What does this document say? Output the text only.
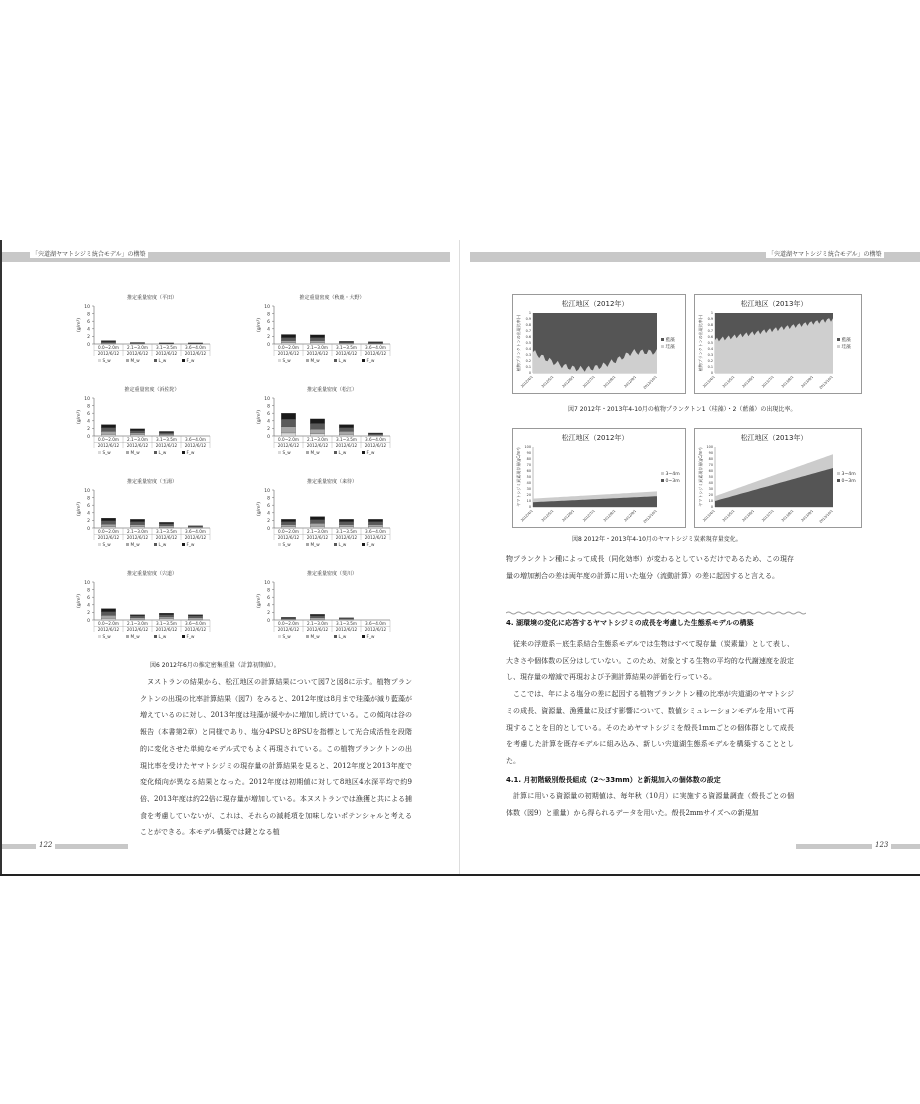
「宍道湖ヤマトシジミ統合モデル」の構築	「宍道湖ヤマトシジミ統合モデル」の構築
推定重量密度（平田）
0
2
4
6
8
10
(g/m²)
0.0~2.0m
2012/6/12
2.1~3.0m
2012/6/12
3.1~3.5m
2012/6/12
3.6~4.0m
2012/6/12
S_w	M_w	L_w	F_w
推定重量密度（秋鹿・大野）
0
2
4
6
8
10
(g/m²)
0.0~2.0m
2012/6/12
2.1~3.0m
2012/6/12
3.1~3.5m
2012/6/12
3.6~4.0m
2012/6/12
S_w	M_w	L_w	F_w
推定重量密度（浜佐陀）
0
2
4
6
8
10
(g/m²)
0.0~2.0m
2012/6/12
2.1~3.0m
2012/6/12
3.1~3.5m
2012/6/12
3.6~4.0m
2012/6/12
S_w	M_w	L_w	F_w
推定重量密度（松江）
0
2
4
6
8
10
(g/m²)
0.0~2.0m
2012/6/12
2.1~3.0m
2012/6/12
3.1~3.5m
2012/6/12
3.6~4.0m
2012/6/12
S_w	M_w	L_w	F_w
推定重量密度（玉湯）
0
2
4
6
8
10
(g/m²)
0.0~2.0m
2012/6/12
2.1~3.0m
2012/6/12
3.1~3.5m
2012/6/12
3.6~4.0m
2012/6/12
S_w	M_w	L_w	F_w
推定重量密度（来待）
0
2
4
6
8
10
(g/m²)
0.0~2.0m
2012/6/12
2.1~3.0m
2012/6/12
3.1~3.5m
2012/6/12
3.6~4.0m
2012/6/12
S_w	M_w	L_w	F_w
推定重量密度（宍道）
0
2
4
6
8
10
(g/m²)
0.0~2.0m
2012/6/12
2.1~3.0m
2012/6/12
3.1~3.5m
2012/6/12
3.6~4.0m
2012/6/12
S_w	M_w	L_w	F_w
推定重量密度（斐川）
0
2
4
6
8
10
(g/m²)
0.0~2.0m
2012/6/12
2.1~3.0m
2012/6/12
3.1~3.5m
2012/6/12
3.6~4.0m
2012/6/12
S_w	M_w	L_w	F_w
図6 2012年6月の推定密集重量（計算初期値）。

ヌストランの結果から、松江地区の計算結果について図7と図8に示す。植物プランクトンの出現の比率計算結果（図7）をみると、2012年度は8月まで珪藻が減り藍藻が増えているのに対し、2013年度は珪藻が緩やかに増加し続けている。この傾向は谷の報告（本書第2章）と同様であり、塩分4PSUと8PSUを指標として光合成活性を段階的に変化させた単純なモデル式でもよく再現されている。この植物プランクトンの出現比率を受けたヤマトシジミの現存量の計算結果を見ると、2012年度と2013年度で変化傾向が異なる結果となった。2012年度は初期値に対して8地区4水深平均で約9倍、2013年度は約22倍に現存量が増加している。本ヌストランでは漁獲と共による捕食を考慮していないが、これは、それらの減耗項を加味しないポテンシャルと考えることができる。本モデル構築では鍵となる植

松江地区（2012年）
植物プランクトンの出現比率(-)
0
0.1
0.2
0.3
0.4
0.5
0.6
0.7
0.8
0.9
1
2012/4/1 2012/5/1 2012/6/1 2012/7/1 2012/8/1 2012/9/1 2012/10/1
藍藻
珪藻
松江地区（2013年）
植物プランクトンの出現比率(-)
0
0.1
0.2
0.3
0.4
0.5
0.6
0.7
0.8
0.9
1
2013/4/1 2013/5/1 2013/6/1 2013/7/1 2013/8/1 2013/9/1 2013/10/1
藍藻
珪藻
図7 2012年・2013年4-10月の植物プランクトン1（珪藻）・2（藍藻）の出現比率。
松江地区（2012年）
ヤマトシジミ炭素現存量(gC/m²)
0
10
20
30
40
50
60
70
80
90
100
2012/4/1 2012/5/1 2012/6/1 2012/7/1 2012/8/1 2012/9/1 2012/10/1
3~4m
0~3m
松江地区（2013年）
ヤマトシジミ炭素現存量(gC/m²)
0
10
20
30
40
50
60
70
80
90
100
2013/4/1 2013/5/1 2013/6/1 2013/7/1 2013/8/1 2013/9/1 2013/10/1
3~4m
0~3m
図8 2012年・2013年4-10月のヤマトシジミ炭素現存量変化。

物プランクトン種によって成長（同化効率）が変わるとしているだけであるため、この現存量の増加割合の差は両年度の計算に用いた塩分（流動計算）の差に起因すると言える。

4. 湖環境の変化に応答するヤマトシジミの成長を考慮した生態系モデルの構築

従来の浮遊系－底生系結合生態系モデルでは生物はすべて現存量（炭素量）として表し、大きさや個体数の区分はしていない。このため、対象とする生物の平均的な代謝速度を設定し、現存量の増減で再現および予測計算結果の評価を行っている。

ここでは、年による塩分の差に起因する植物プランクトン種の比率が宍道湖のヤマトシジミの成長、資源量、漁獲量に及ぼす影響について、数値シミュレーションモデルを用いて再現することを目的としている。そのためヤマトシジミを殻長1mmごとの個体群として成長を考慮した計算を既存モデルに組み込み、新しい宍道湖生態系モデルを構築することとした。

4.1. 月初階級別殻長組成（2～33mm）と新規加入の個体数の設定

計算に用いる資源量の初期値は、毎年秋（10月）に実施する資源量調査（殻長ごとの個体数（図9）と重量）から得られるデータを用いた。殻長2mmサイズへの新規加

122	123
